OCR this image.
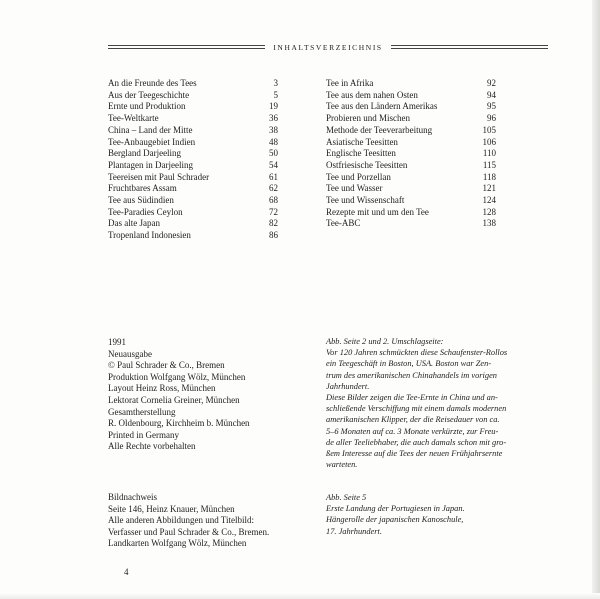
INHALTSVERZEICHNIS
An die Freunde des Tees	3
Aus der Teegeschichte	5
Ernte und Produktion	19
Tee-Weltkarte	36
China – Land der Mitte	38
Tee-Anbaugebiet Indien	48
Bergland Darjeeling	50
Plantagen in Darjeeling	54
Teereisen mit Paul Schrader	61
Fruchtbares Assam	62
Tee aus Südindien	68
Tee-Paradies Ceylon	72
Das alte Japan	82
Tropenland Indonesien	86
Tee in Afrika	92
Tee aus dem nahen Osten	94
Tee aus den Ländern Amerikas	95
Probieren und Mischen	96
Methode der Teeverarbeitung	105
Asiatische Teesitten	106
Englische Teesitten	110
Ostfriesische Teesitten	115
Tee und Porzellan	118
Tee und Wasser	121
Tee und Wissenschaft	124
Rezepte mit und um den Tee	128
Tee-ABC	138
1991
Neuausgabe
© Paul Schrader & Co., Bremen
Produktion Wolfgang Wölz, München
Layout Heinz Ross, München
Lektorat Cornelia Greiner, München
Gesamtherstellung
R. Oldenbourg, Kirchheim b. München
Printed in Germany
Alle Rechte vorbehalten
Abb. Seite 2 und 2. Umschlagseite:
Vor 120 Jahren schmückten diese Schaufenster-Rollos
ein Teegeschäft in Boston, USA. Boston war Zen-
trum des amerikanischen Chinahandels im vorigen
Jahrhundert.
Diese Bilder zeigen die Tee-Ernte in China und an-
schließende Verschiffung mit einem damals modernen
amerikanischen Klipper, der die Reisedauer von ca.
5–6 Monaten auf ca. 3 Monate verkürzte, zur Freu-
de aller Teeliebhaber, die auch damals schon mit gro-
ßem Interesse auf die Tees der neuen Frühjahrsernte
warteten.
Bildnachweis
Seite 146, Heinz Knauer, München
Alle anderen Abbildungen und Titelbild:
Verfasser und Paul Schrader & Co., Bremen.
Landkarten Wolfgang Wölz, München
Abb. Seite 5
Erste Landung der Portugiesen in Japan.
Hängerolle der japanischen Kanoschule,
17. Jahrhundert.
4
